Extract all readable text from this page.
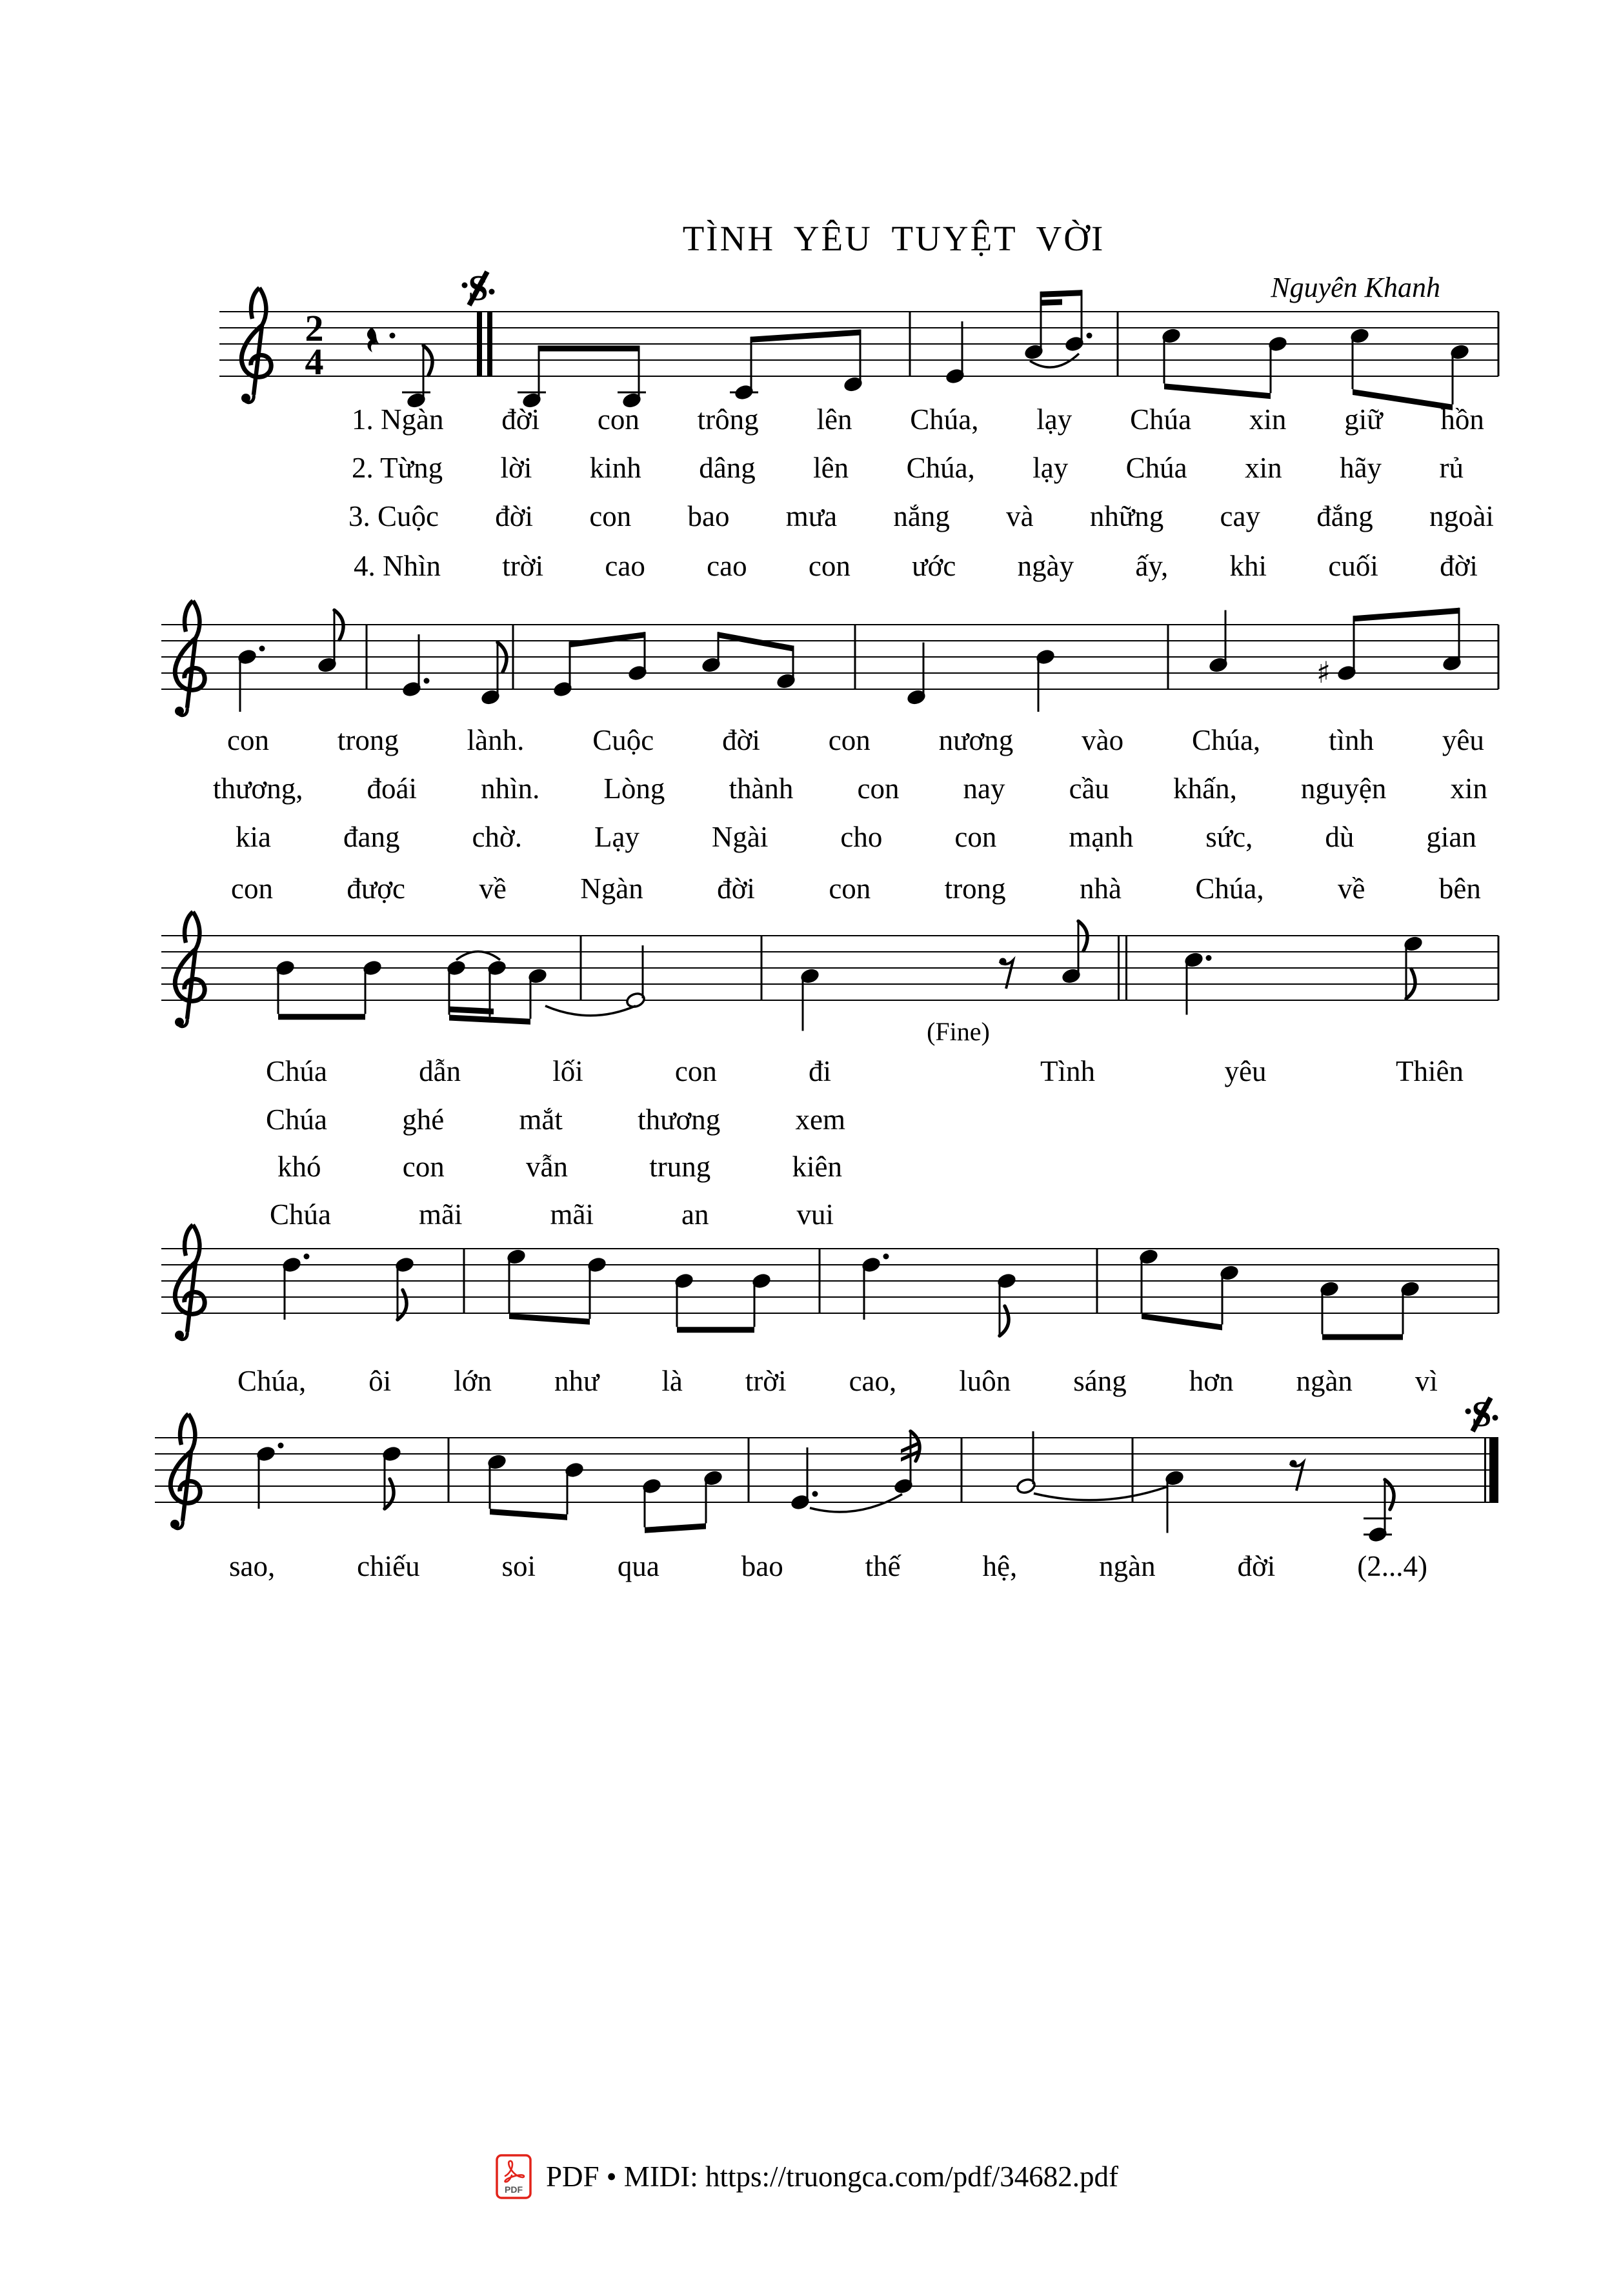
TÌNH YÊU TUYỆT VỜI
Nguyên Khanh
2
4
S
♯
(Fine)
S
1. Ngàn đời con trông lên Chúa, lạy Chúa xin giữ hồn
2. Từng lời kinh dâng lên Chúa, lạy Chúa xin hãy rủ
3. Cuộc đời con bao mưa nắng và những cay đắng ngoài
4. Nhìn trời cao cao con ước ngày ấy, khi cuối đời
con trong lành. Cuộc đời con nương vào Chúa, tình yêu
thương, đoái nhìn. Lòng thành con nay cầu khấn, nguyện xin
kia đang chờ. Lạy Ngài cho con mạnh sức, dù gian
con	được	về	Ngàn	đời	con	trong	nhà	Chúa,	về	bên
Chúa	dẫn	lối	con	đi	Tình	yêu	Thiên
Chúa	ghé	mắt	thương	xem
khó	con	vẫn	trung	kiên
Chúa	mãi	mãi	an	vui
Chúa, ôi lớn như là trời cao, luôn sáng hơn ngàn vì
sao,	chiếu	soi	qua	bao	thế	hệ,	ngàn	đời	(2...4)
PDF PDF • MIDI: https://truongca.com/pdf/34682.pdf
